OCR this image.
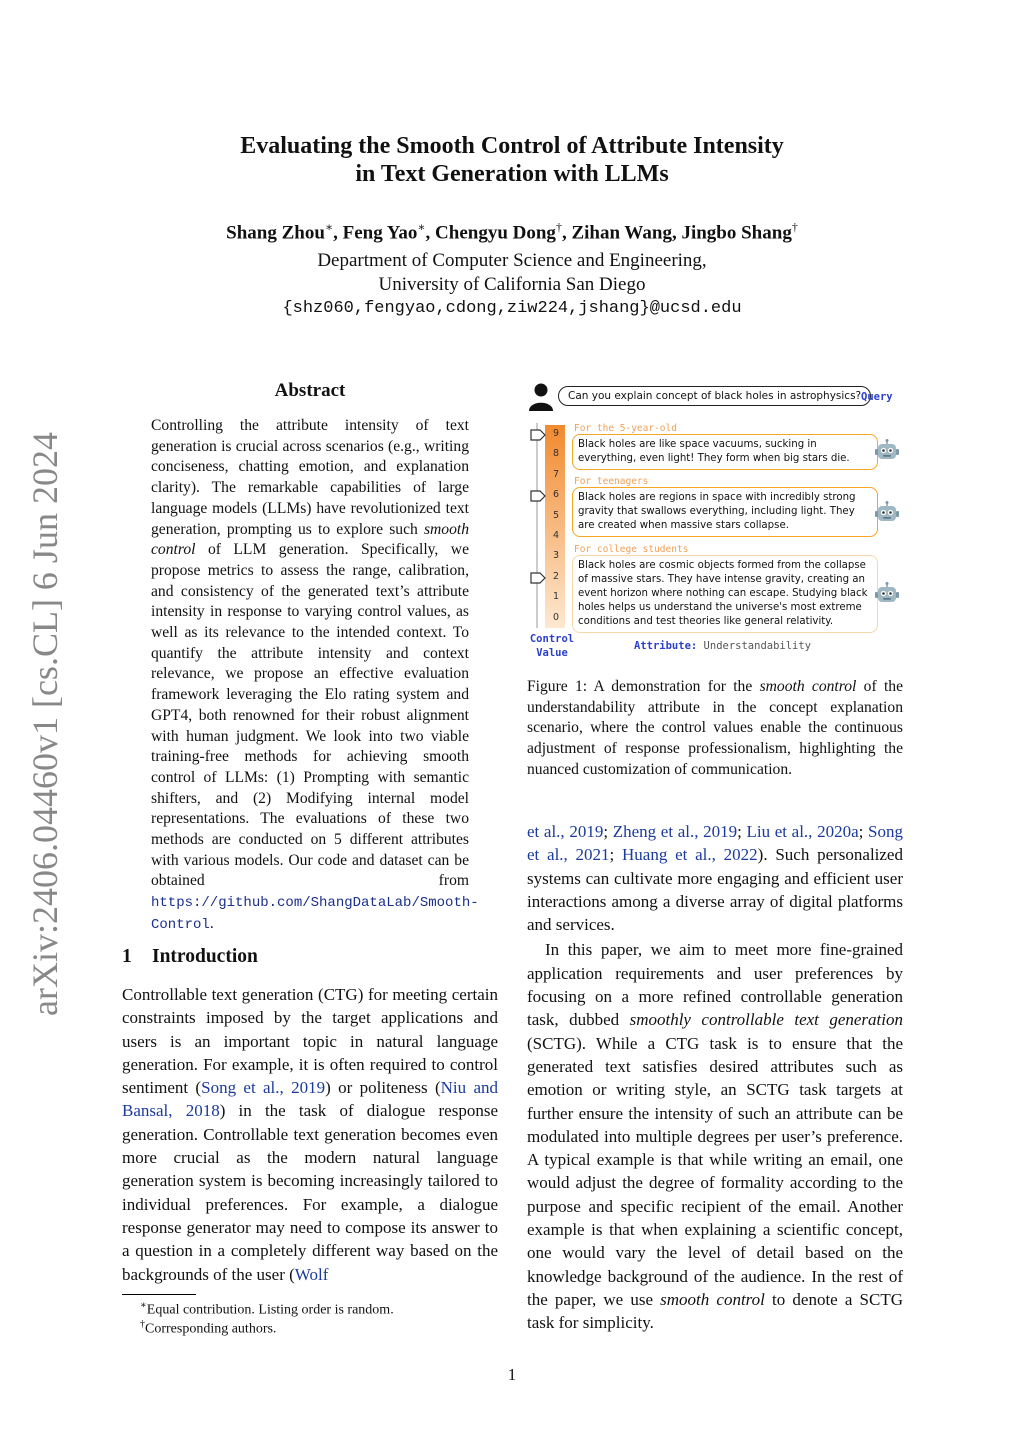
Evaluating the Smooth Control of Attribute Intensity
in Text Generation with LLMs
Shang Zhou∗, Feng Yao∗, Chengyu Dong†, Zihan Wang, Jingbo Shang†
Department of Computer Science and Engineering,
University of California San Diego
{shz060,fengyao,cdong,ziw224,jshang}@ucsd.edu
arXiv:2406.04460v1 [cs.CL] 6 Jun 2024
Abstract
Controlling the attribute intensity of text generation is crucial across scenarios (e.g., writing conciseness, chatting emotion, and explanation clarity). The remarkable capabilities of large language models (LLMs) have revolutionized text generation, prompting us to explore such smooth control of LLM generation. Specifically, we propose metrics to assess the range, calibration, and consistency of the generated text’s attribute intensity in response to varying control values, as well as its relevance to the intended context. To quantify the attribute intensity and context relevance, we propose an effective evaluation framework leveraging the Elo rating system and GPT4, both renowned for their robust alignment with human judgment. We look into two viable training-free methods for achieving smooth control of LLMs: (1) Prompting with semantic shifters, and (2) Modifying internal model representations. The evaluations of these two methods are conducted on 5 different attributes with various models. Our code and dataset can be obtained from https://github.com/ShangDataLab/Smooth-Control.
1 Introduction
Controllable text generation (CTG) for meeting certain constraints imposed by the target applications and users is an important topic in natural language generation. For example, it is often required to control sentiment (Song et al., 2019) or politeness (Niu and Bansal, 2018) in the task of dialogue response generation. Controllable text generation becomes even more crucial as the modern natural language generation system is becoming increasingly tailored to individual preferences. For example, a dialogue response generator may need to compose its answer to a question in a completely different way based on the backgrounds of the user (Wolf
∗Equal contribution. Listing order is random.
†Corresponding authors.
Can you explain concept of black holes in astrophysics? Query
9
8
7
6
5
4
3
2
1
0
For the 5-year-old
Black holes are like space vacuums, sucking in everything, even light! They form when big stars die.
For teenagers
Black holes are regions in space with incredibly strong gravity that swallows everything, including light. They are created when massive stars collapse.
For college students
Black holes are cosmic objects formed from the collapse of massive stars. They have intense gravity, creating an event horizon where nothing can escape. Studying black holes helps us understand the universe's most extreme conditions and test theories like general relativity.
Control
Value
Attribute: Understandability
Figure 1: A demonstration for the smooth control of the understandability attribute in the concept explanation scenario, where the control values enable the continuous adjustment of response professionalism, highlighting the nuanced customization of communication.

et al., 2019; Zheng et al., 2019; Liu et al., 2020a; Song et al., 2021; Huang et al., 2022). Such personalized systems can cultivate more engaging and efficient user interactions among a diverse array of digital platforms and services.

In this paper, we aim to meet more fine-grained application requirements and user preferences by focusing on a more refined controllable generation task, dubbed smoothly controllable text generation (SCTG). While a CTG task is to ensure that the generated text satisfies desired attributes such as emotion or writing style, an SCTG task targets at further ensure the intensity of such an attribute can be modulated into multiple degrees per user’s preference. A typical example is that while writing an email, one would adjust the degree of formality according to the purpose and specific recipient of the email. Another example is that when explaining a scientific concept, one would vary the level of detail based on the knowledge background of the audience. In the rest of the paper, we use smooth control to denote a SCTG task for simplicity.

1
